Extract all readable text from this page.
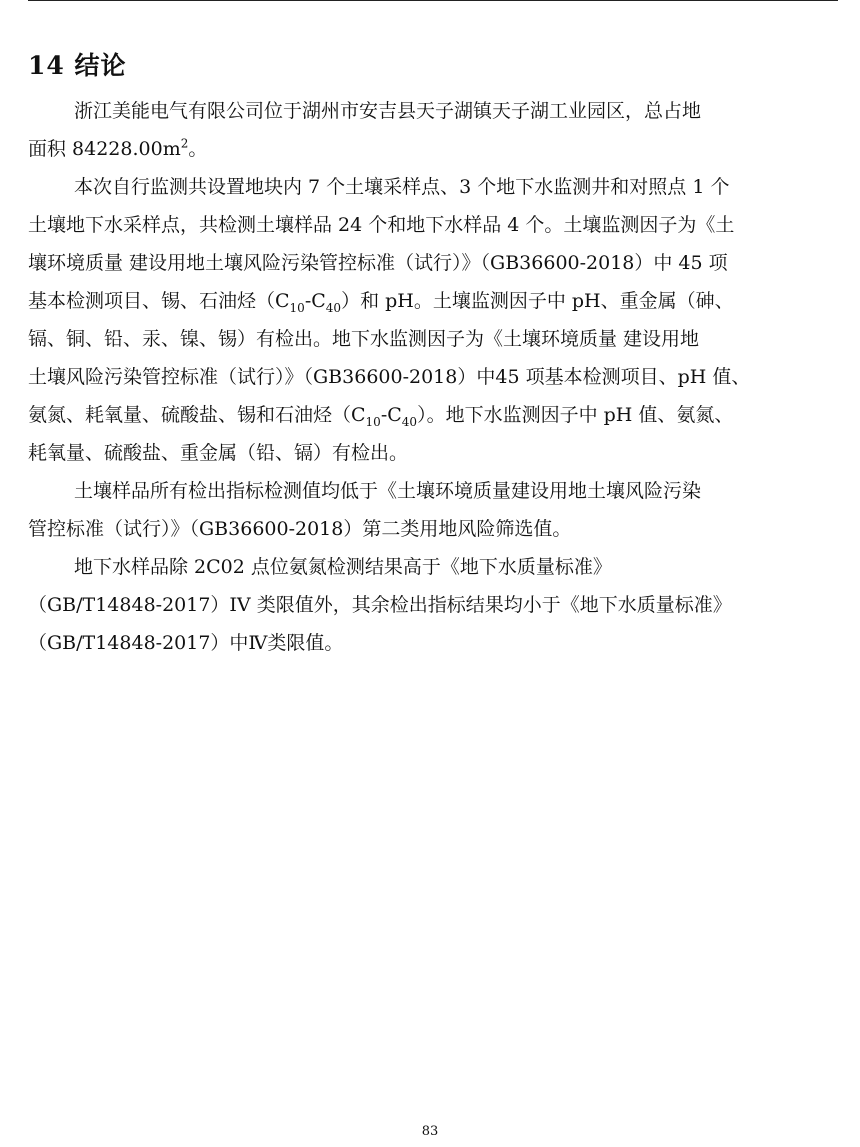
14 结论
浙江美能电气有限公司位于湖州市安吉县天子湖镇天子湖工业园区，总占地
面积 $84228.00m^2$。
本次自行监测共设置地块内 7 个土壤采样点、3 个地下水监测井和对照点 1 个
土壤地下水采样点，共检测土壤样品 24 个和地下水样品 4 个。土壤监测因子为《土
壤环境质量 建设用地土壤风险污染管控标准（试行）》（GB36600-2018）中 45 项
基本检测项目、锡、石油烃$(C_{10}-C_{40})$和 pH。土壤监测因子中 pH、重金属（砷、
镉、铜、铅、汞、镍、锡）有检出。地下水监测因子为《土壤环境质量 建设用地
土壤风险污染管控标准（试行）》（GB36600-2018）中45 项基本检测项目、pH 值、
氨氮、耗氧量、硫酸盐、锡和石油烃$(C_{10}-C_{40})$。地下水监测因子中 pH 值、氨氮、
耗氧量、硫酸盐、重金属（铅、镉）有检出。
土壤样品所有检出指标检测值均低于《土壤环境质量建设用地土壤风险污染
管控标准（试行）》（GB36600-2018）第二类用地风险筛选值。
地下水样品除 2C02 点位氨氮检测结果高于《地下水质量标准》
（GB/T14848-2017）IV 类限值外，其余检出指标结果均小于《地下水质量标准》
（GB/T14848-2017）中Ⅳ类限值。
83
